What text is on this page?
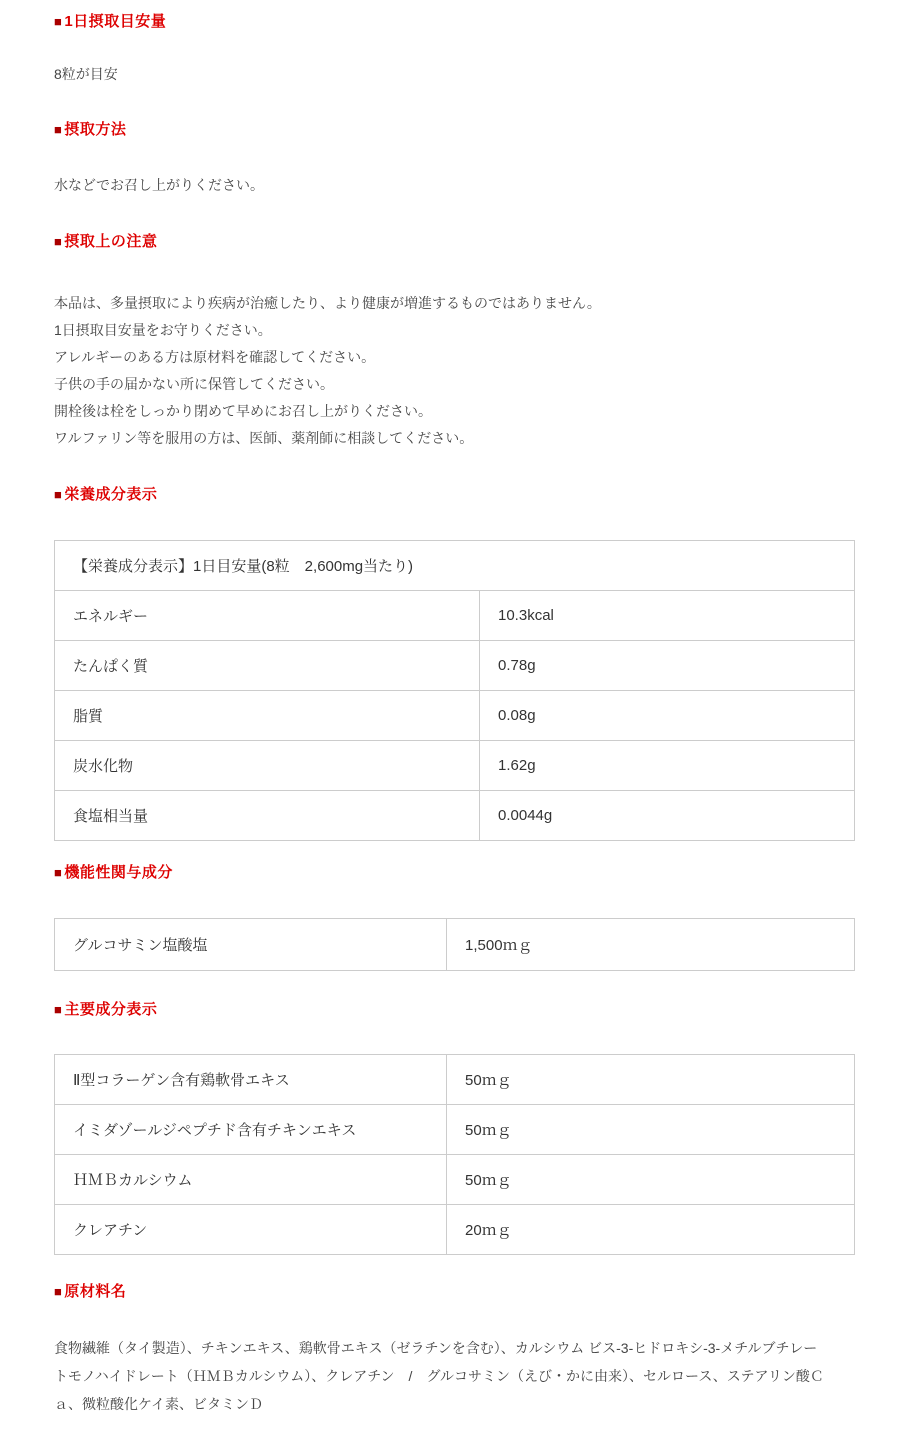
■ 1日摂取目安量

8粒が目安

■ 摂取方法

水などでお召し上がりください。

■ 摂取上の注意
本品は、多量摂取により疾病が治癒したり、より健康が増進するものではありません。
1日摂取目安量をお守りください。
アレルギーのある方は原材料を確認してください。
子供の手の届かない所に保管してください。
開栓後は栓をしっかり閉めて早めにお召し上がりください。
ワルファリン等を服用の方は、医師、薬剤師に相談してください。
■ 栄養成分表示
【栄養成分表示】1日目安量(8粒　2,600mg当たり)	
エネルギー	10.3kcal
たんぱく質	0.78g
脂質	0.08g
炭水化物	1.62g
食塩相当量	0.0044g
■ 機能性関与成分
グルコサミン塩酸塩	1,500ｍｇ
■ 主要成分表示
Ⅱ型コラーゲン含有鶏軟骨エキス	50ｍｇ
イミダゾールジペプチド含有チキンエキス	50ｍｇ
ＨＭＢカルシウム	50ｍｇ
クレアチン	20ｍｇ
■ 原材料名
食物繊維（タイ製造）、チキンエキス、鶏軟骨エキス（ゼラチンを含む）、カルシウム ビス-3-ヒドロキシ-3-メチルブチレー
トモノハイドレート（ＨＭＢカルシウム）、クレアチン　/　グルコサミン（えび・かに由来）、セルロース、ステアリン酸Ｃ
ａ、微粒酸化ケイ素、ビタミンＤ
